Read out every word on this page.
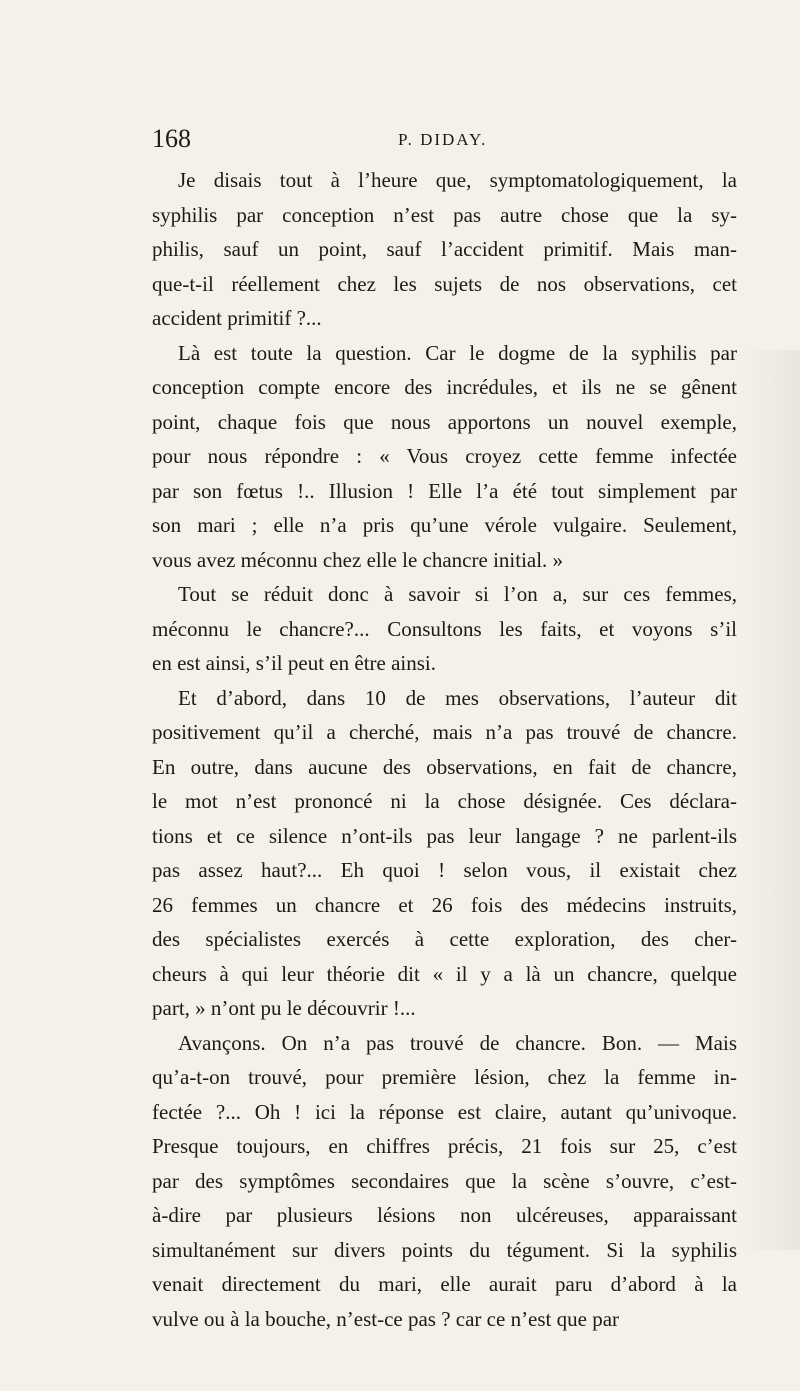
168	P. DIDAY.
Je disais tout à l’heure que, symptomatologiquement, la
syphilis par conception n’est pas autre chose que la sy-
philis, sauf un point, sauf l’accident primitif. Mais man-
que-t-il réellement chez les sujets de nos observations, cet
accident primitif ?...
Là est toute la question. Car le dogme de la syphilis par
conception compte encore des incrédules, et ils ne se gênent
point, chaque fois que nous apportons un nouvel exemple,
pour nous répondre : « Vous croyez cette femme infectée
par son fœtus !.. Illusion ! Elle l’a été tout simplement par
son mari ; elle n’a pris qu’une vérole vulgaire. Seulement,
vous avez méconnu chez elle le chancre initial. »
Tout se réduit donc à savoir si l’on a, sur ces femmes,
méconnu le chancre?... Consultons les faits, et voyons s’il
en est ainsi, s’il peut en être ainsi.
Et d’abord, dans 10 de mes observations, l’auteur dit
positivement qu’il a cherché, mais n’a pas trouvé de chancre.
En outre, dans aucune des observations, en fait de chancre,
le mot n’est prononcé ni la chose désignée. Ces déclara-
tions et ce silence n’ont-ils pas leur langage ? ne parlent-ils
pas assez haut?... Eh quoi ! selon vous, il existait chez
26 femmes un chancre et 26 fois des médecins instruits,
des spécialistes exercés à cette exploration, des cher-
cheurs à qui leur théorie dit « il y a là un chancre, quelque
part, » n’ont pu le découvrir !...
Avançons. On n’a pas trouvé de chancre. Bon. — Mais
qu’a-t-on trouvé, pour première lésion, chez la femme in-
fectée ?... Oh ! ici la réponse est claire, autant qu’univoque.
Presque toujours, en chiffres précis, 21 fois sur 25, c’est
par des symptômes secondaires que la scène s’ouvre, c’est-
à-dire par plusieurs lésions non ulcéreuses, apparaissant
simultanément sur divers points du tégument. Si la syphilis
venait directement du mari, elle aurait paru d’abord à la
vulve ou à la bouche, n’est-ce pas ? car ce n’est que par
